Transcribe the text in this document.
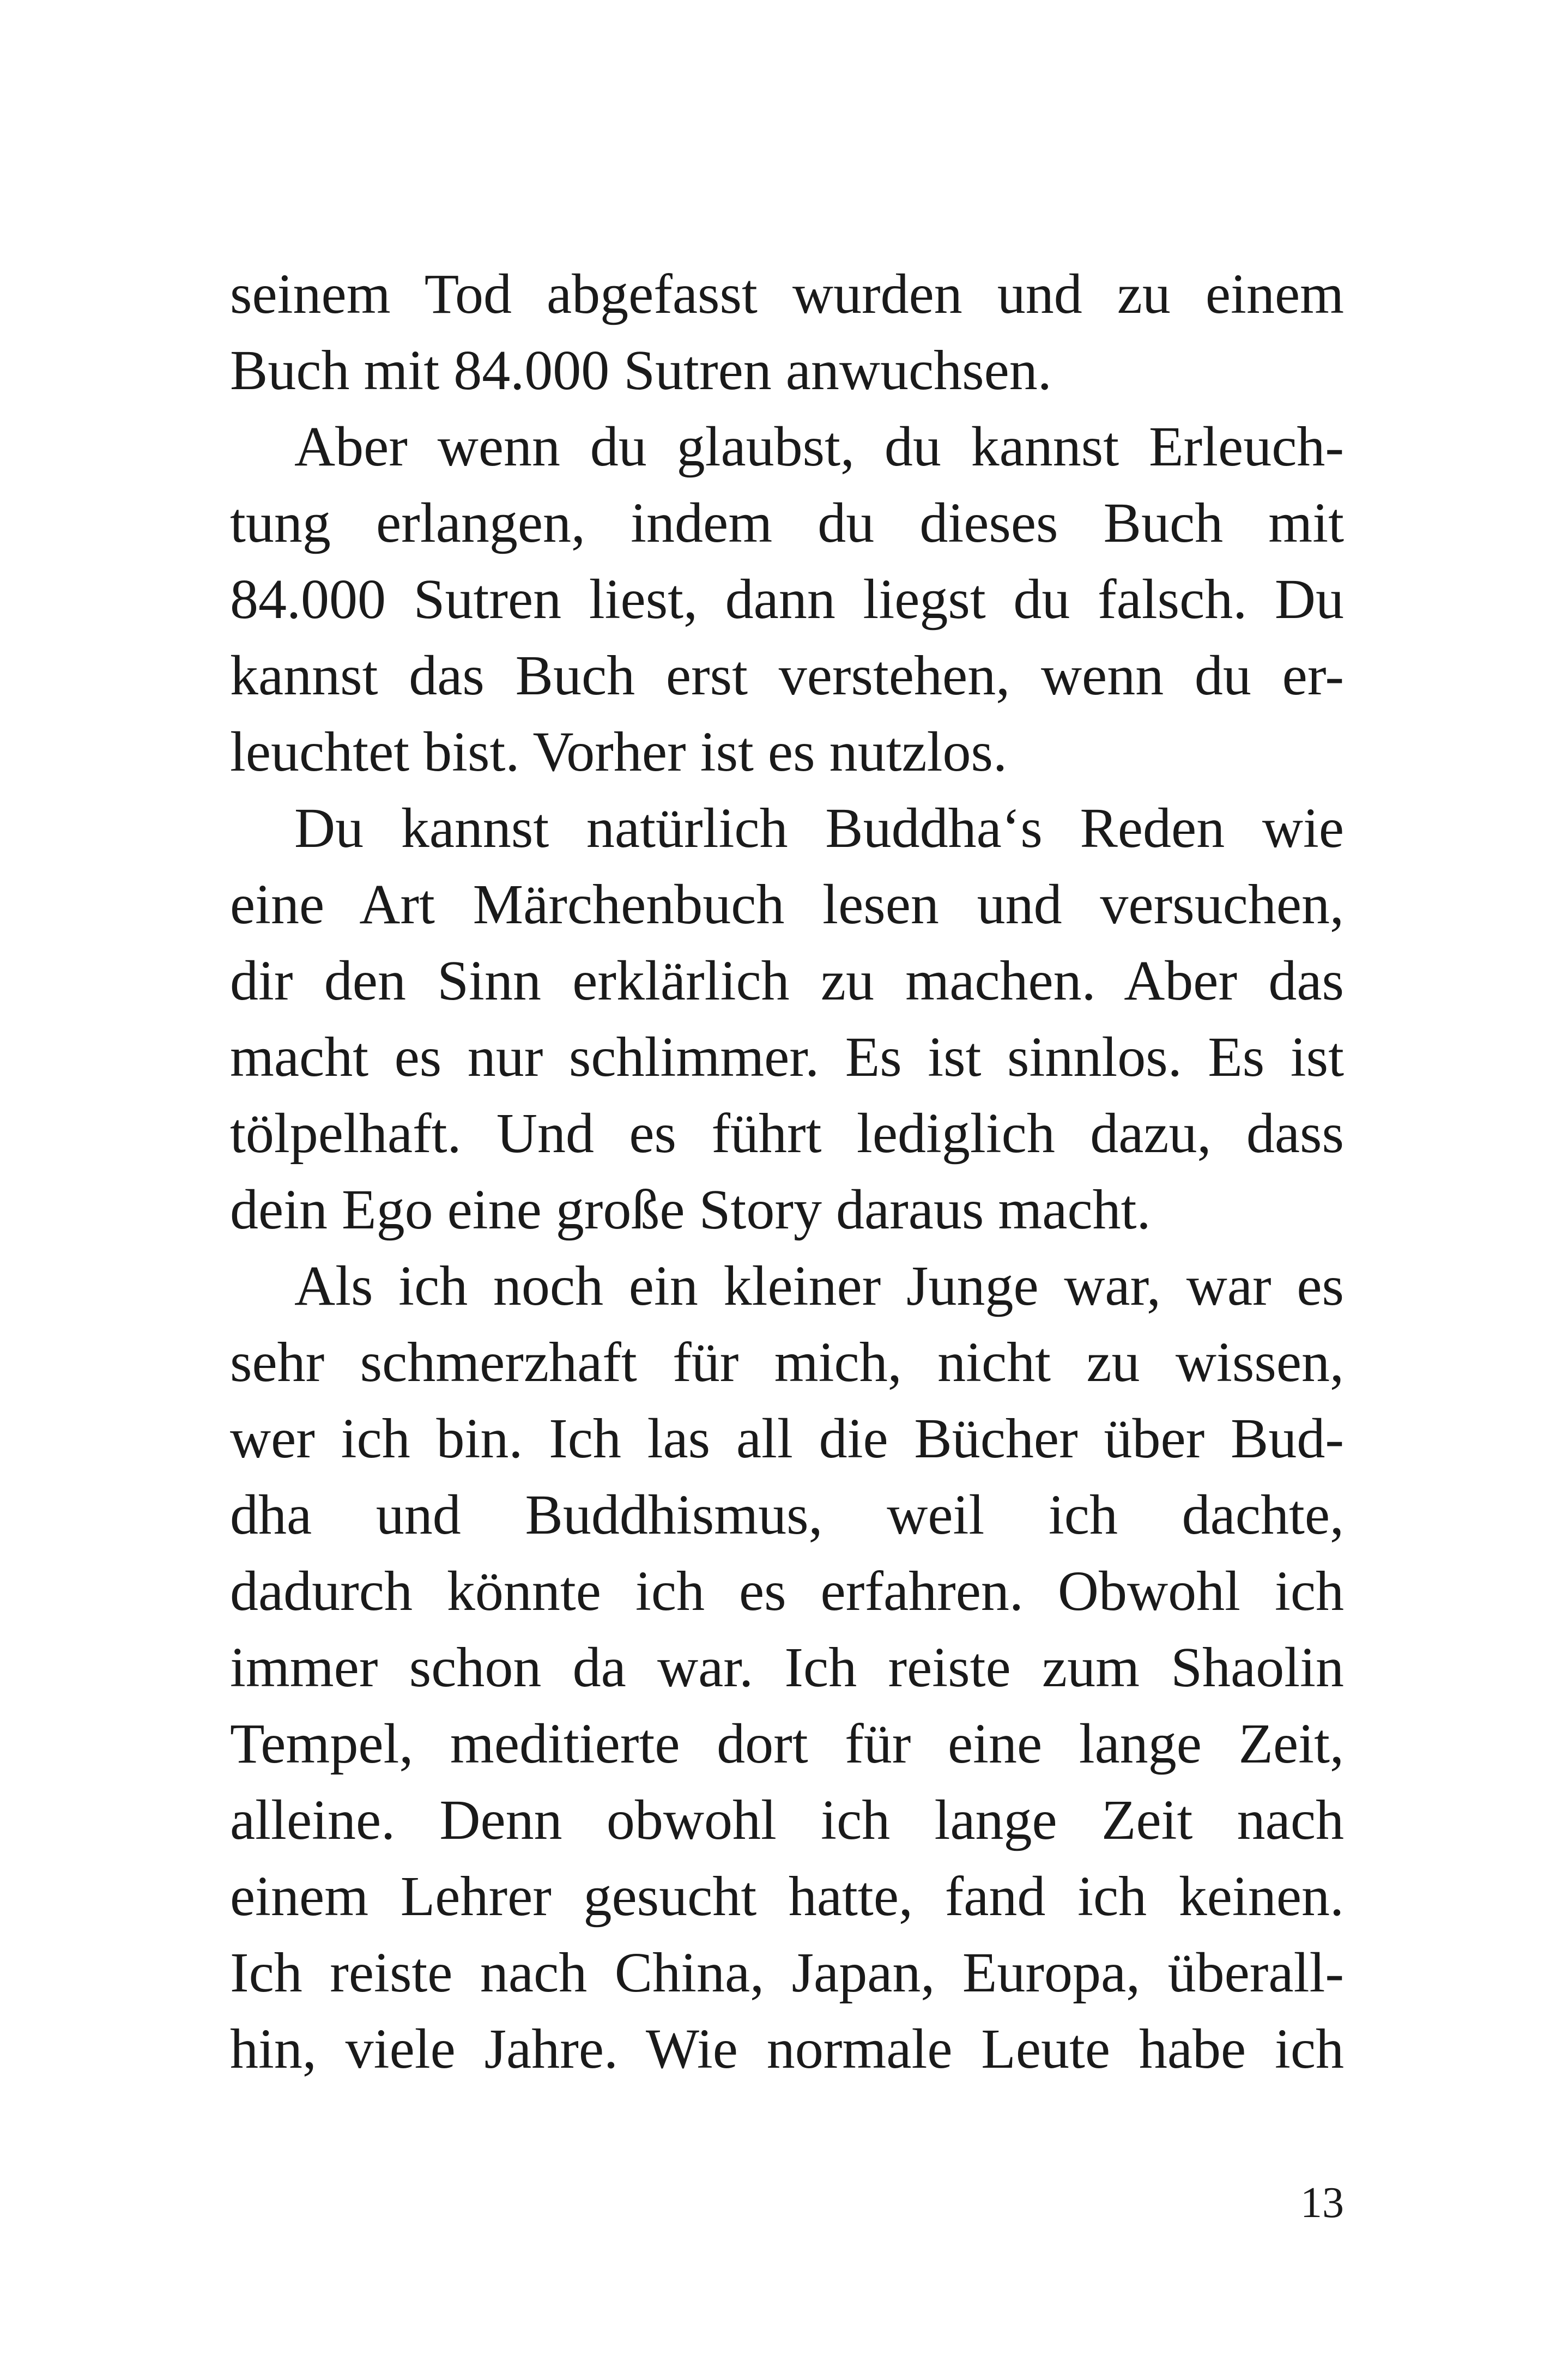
seinem Tod abgefasst wurden und zu einem
Buch mit 84.000 Sutren anwuchsen.
Aber wenn du glaubst, du kannst Erleuch-
tung erlangen, indem du dieses Buch mit
84.000 Sutren liest, dann liegst du falsch. Du
kannst das Buch erst verstehen, wenn du er-
leuchtet bist. Vorher ist es nutzlos.
Du kannst natürlich Buddha‘s Reden wie
eine Art Märchenbuch lesen und versuchen,
dir den Sinn erklärlich zu machen. Aber das
macht es nur schlimmer. Es ist sinnlos. Es ist
tölpelhaft. Und es führt lediglich dazu, dass
dein Ego eine große Story daraus macht.
Als ich noch ein kleiner Junge war, war es
sehr schmerzhaft für mich, nicht zu wissen,
wer ich bin. Ich las all die Bücher über Bud-
dha und Buddhismus, weil ich dachte,
dadurch könnte ich es erfahren. Obwohl ich
immer schon da war. Ich reiste zum Shaolin
Tempel, meditierte dort für eine lange Zeit,
alleine. Denn obwohl ich lange Zeit nach
einem Lehrer gesucht hatte, fand ich keinen.
Ich reiste nach China, Japan, Europa, überall-
hin, viele Jahre. Wie normale Leute habe ich
13
